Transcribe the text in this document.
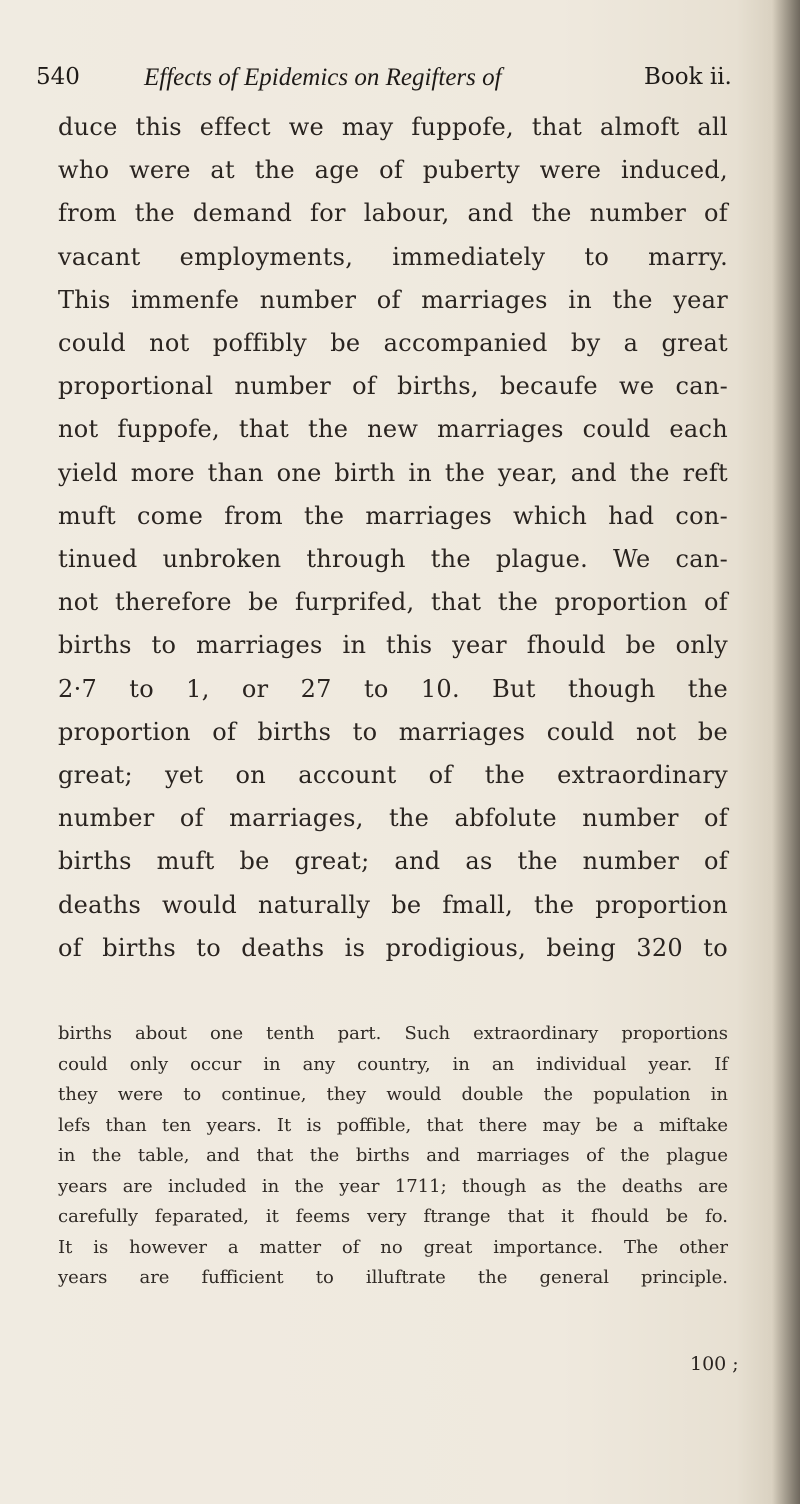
540	Effects of Epidemics on Regifters of	Book ii.
duce this effect we may fuppofe, that almoft all
who were at the age of puberty were induced,
from the demand for labour, and the number of
vacant employments, immediately to marry.
This immenfe number of marriages in the year
could not poffibly be accompanied by a great
proportional number of births, becaufe we can-
not fuppofe, that the new marriages could each
yield more than one birth in the year, and the reft
muft come from the marriages which had con-
tinued unbroken through the plague. We can-
not therefore be furprifed, that the proportion of
births to marriages in this year fhould be only
2·7 to 1, or 27 to 10. But though the
proportion of births to marriages could not be
great; yet on account of the extraordinary
number of marriages, the abfolute number of
births muft be great; and as the number of
deaths would naturally be fmall, the proportion
of births to deaths is prodigious, being 320 to
births about one tenth part. Such extraordinary proportions
could only occur in any country, in an individual year. If
they were to continue, they would double the population in
lefs than ten years. It is poffible, that there may be a miftake
in the table, and that the births and marriages of the plague
years are included in the year 1711; though as the deaths are
carefully feparated, it feems very ftrange that it fhould be fo.
It is however a matter of no great importance. The other
years are fufficient to illuftrate the general principle.
100 ;
